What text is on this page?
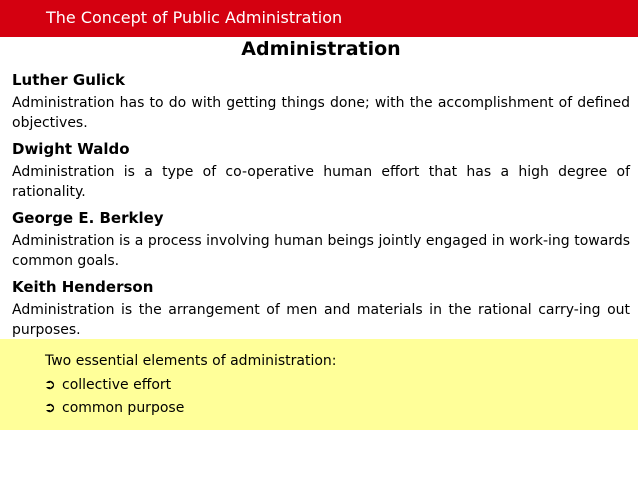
The Concept of Public Administration
Administration
Luther Gulick
Administration has to do with getting things done; with the accomplishment of defined objectives.
Dwight Waldo
Administration is a type of co-operative human effort that has a high degree of rationality.
George E. Berkley
Administration is a process involving human beings jointly engaged in work-ing towards common goals.
Keith Henderson
Administration is the arrangement of men and materials in the rational carry-ing out purposes.
Two essential elements of administration:
➲ collective effort
➲ common purpose
